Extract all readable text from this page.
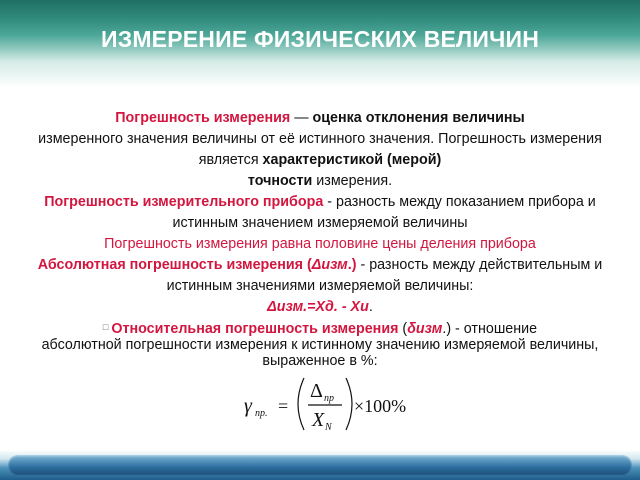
ИЗМЕРЕНИЕ ФИЗИЧЕСКИХ ВЕЛИЧИН

Погрешность измерения — оценка отклонения величины
измеренного значения величины от её истинного значения. Погрешность измерения является характеристикой (мерой)
точности измерения.

Погрешность измерительного прибора - разность между показанием прибора и истинным значением измеряемой величины

Погрешность измерения равна половине цены деления прибора

Абсолютная погрешность измерения (Δизм.) - разность между действительным и истинным значениями измеряемой величины:
Δизм.=Хд. - Хи.

□ Относительная погрешность измерения (δизм.) - отношение
абсолютной погрешности измерения к истинному значению измеряемой величины, выраженное в %:

γ пр. =
Δ пр
X N
×100%
